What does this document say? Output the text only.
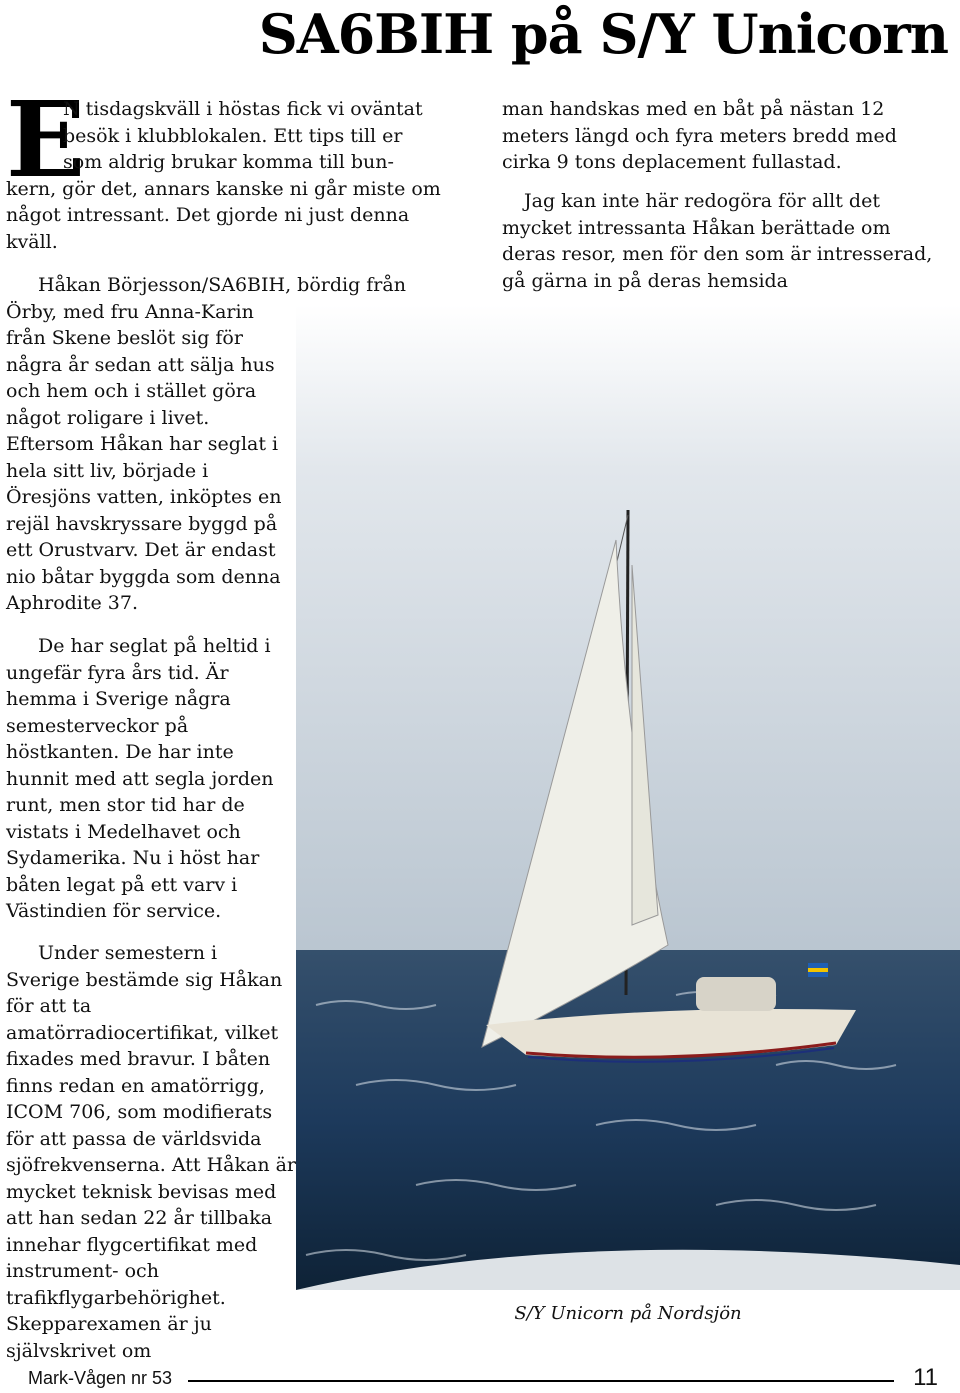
SA6BIH på S/Y Unicorn
E

N tisdagskväll i höstas fick vi oväntat
besök i klubblokalen. Ett tips till er
som aldrig brukar komma till bun-
kern, gör det, annars kanske ni går miste om något intressant. Det gjorde ni just denna kväll.

Håkan Börjesson/SA6BIH, bördig från
Örby, med fru Anna-Karin från Skene beslöt sig för några år sedan att sälja hus och hem och i stället göra något roligare i livet. Eftersom Håkan har seglat i hela sitt liv, började i Öresjöns vatten, inköptes en rejäl havskryssare byggd på ett Orustvarv. Det är endast nio båtar byggda som denna Aphrodite 37.

De har seglat på heltid i ungefär fyra års tid. Är hemma i Sverige några semesterveckor på höstkanten. De har inte hunnit med att segla jorden runt, men stor tid har de vistats i Medelhavet och Sydamerika. Nu i höst har båten legat på ett varv i Västindien för service.

Under semestern i Sverige bestämde sig Håkan för att ta amatörradiocertifikat, vilket fixades med bravur. I båten finns redan en amatörrigg, ICOM 706, som modifierats för att passa de världsvida sjöfrekvenserna. Att Håkan är mycket teknisk bevisas med att han sedan 22 år tillbaka innehar flygcertifikat med instrument- och trafikflygarbehörighet. Skepparexamen är ju självskrivet om

man handskas med en båt på nästan 12 meters längd och fyra meters bredd med cirka 9 tons deplacement fullastad.

Jag kan inte här redogöra för allt det mycket intressanta Håkan berättade om deras resor, men för den som är intresserad, gå gärna in på deras hemsida

S/Y Unicorn på Nordsjön

Mark-Vågen nr 53	11
